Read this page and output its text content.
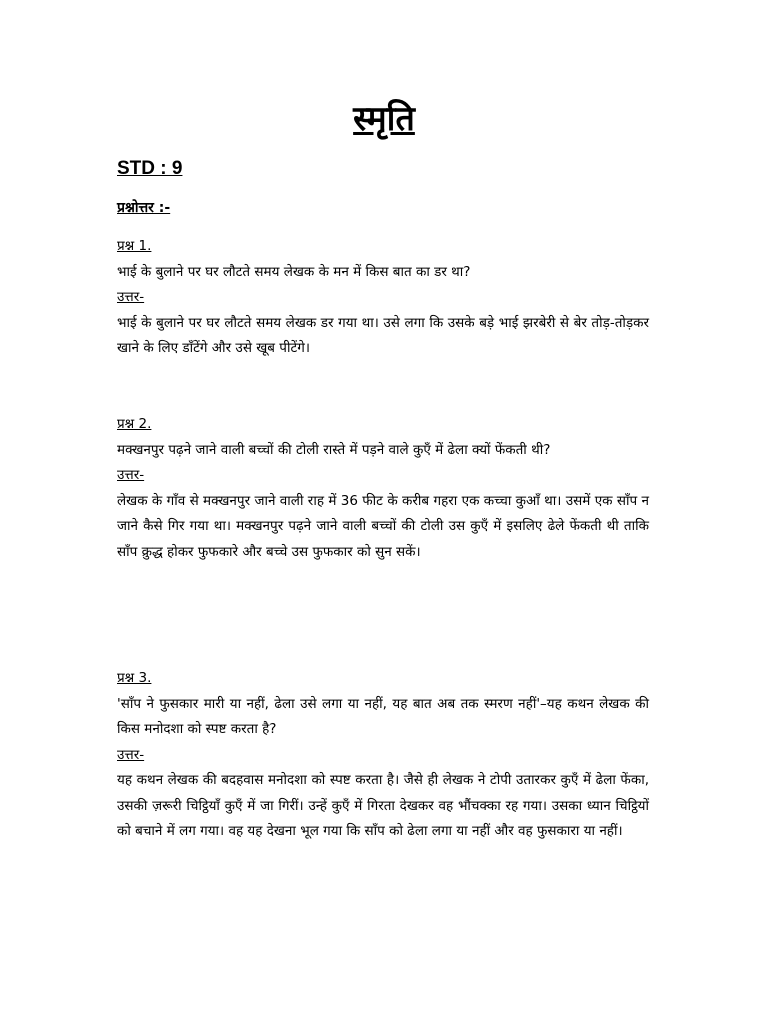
स्मृति
STD : 9
प्रश्नोत्तर :-
प्रश्न 1.
भाई के बुलाने पर घर लौटते समय लेखक के मन में किस बात का डर था?
उत्तर-
भाई के बुलाने पर घर लौटते समय लेखक डर गया था। उसे लगा कि उसके बड़े भाई झरबेरी से बेर तोड़-तोड़कर खाने के लिए डाँटेंगे और उसे खूब पीटेंगे।
प्रश्न 2.
मक्खनपुर पढ़ने जाने वाली बच्चों की टोली रास्ते में पड़ने वाले कुएँ में ढेला क्यों फेंकती थी?
उत्तर-
लेखक के गाँव से मक्खनपुर जाने वाली राह में 36 फीट के करीब गहरा एक कच्चा कुआँ था। उसमें एक साँप न जाने कैसे गिर गया था। मक्खनपुर पढ़ने जाने वाली बच्चों की टोली उस कुएँ में इसलिए ढेले फेंकती थी ताकि साँप क्रुद्ध होकर फुफकारे और बच्चे उस फुफकार को सुन सकें।
प्रश्न 3.
'साँप ने फुसकार मारी या नहीं, ढेला उसे लगा या नहीं, यह बात अब तक स्मरण नहीं'–यह कथन लेखक की किस मनोदशा को स्पष्ट करता है?
उत्तर-
यह कथन लेखक की बदहवास मनोदशा को स्पष्ट करता है। जैसे ही लेखक ने टोपी उतारकर कुएँ में ढेला फेंका, उसकी ज़रूरी चिट्ठियाँ कुएँ में जा गिरीं। उन्हें कुएँ में गिरता देखकर वह भौंचक्का रह गया। उसका ध्यान चिट्ठियों को बचाने में लग गया। वह यह देखना भूल गया कि साँप को ढेला लगा या नहीं और वह फुसकारा या नहीं।
